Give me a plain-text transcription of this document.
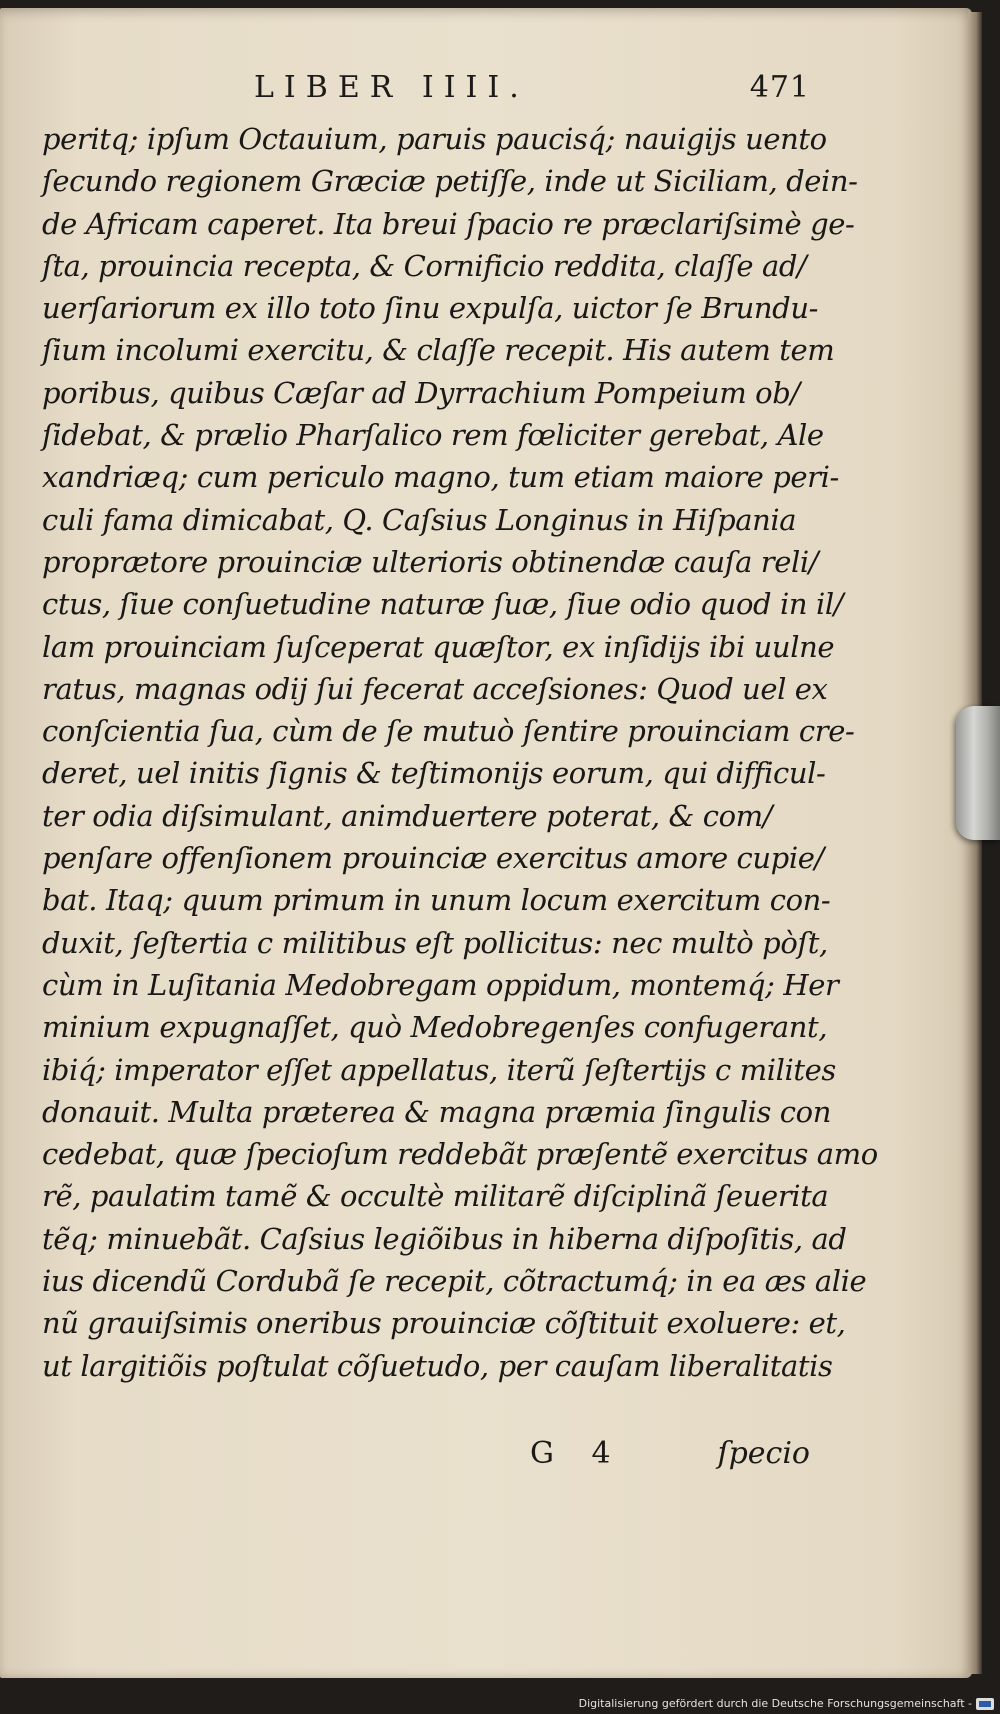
LIBER IIII.	471
peritq; ipſum Octauium, paruis paucisq́; nauigijs uento
ſecundo regionem Græciæ petiſſe, inde ut Siciliam, dein-
de Africam caperet. Ita breui ſpacio re præclariſsimè ge-
ſta, prouincia recepta, & Cornificio reddita, claſſe ad/
uerſariorum ex illo toto ſinu expulſa, uictor ſe Brundu-
ſium incolumi exercitu, & claſſe recepit. His autem tem
poribus, quibus Cæſar ad Dyrrachium Pompeium ob/
ſidebat, & prælio Pharſalico rem fœliciter gerebat, Ale
xandriæq; cum periculo magno, tum etiam maiore peri-
culi fama dimicabat, Q. Caſsius Longinus in Hiſpania
proprætore prouinciæ ulterioris obtinendæ cauſa reli/
ctus, ſiue conſuetudine naturæ ſuæ, ſiue odio quod in il/
lam prouinciam ſuſceperat quæſtor, ex inſidijs ibi uulne
ratus, magnas odij ſui fecerat acceſsiones: Quod uel ex
conſcientia ſua, cùm de ſe mutuò ſentire prouinciam cre-
deret, uel initis ſignis & teſtimonijs eorum, qui difficul-
ter odia diſsimulant, animduertere poterat, & com/
penſare offenſionem prouinciæ exercitus amore cupie/
bat. Itaq; quum primum in unum locum exercitum con-
duxit, ſeſtertia c militibus eſt pollicitus: nec multò pòſt,
cùm in Luſitania Medobregam oppidum, montemq́; Her
minium expugnaſſet, quò Medobregenſes confugerant,
ibiq́; imperator eſſet appellatus, iterũ ſeſtertijs c milites
donauit. Multa præterea & magna præmia ſingulis con
cedebat, quæ ſpecioſum reddebãt præſentẽ exercitus amo
rẽ, paulatim tamẽ & occultè militarẽ diſciplinã ſeuerita
tẽq; minuebãt. Caſsius legiõibus in hiberna diſpoſitis, ad
ius dicendũ Cordubã ſe recepit, cõtractumq́; in ea æs alie
nũ grauiſsimis oneribus prouinciæ cõſtituit exoluere: et,
ut largitiõis poſtulat cõſuetudo, per cauſam liberalitatis
G 4	ſpecio
Digitalisierung gefördert durch die Deutsche Forschungsgemeinschaft -
